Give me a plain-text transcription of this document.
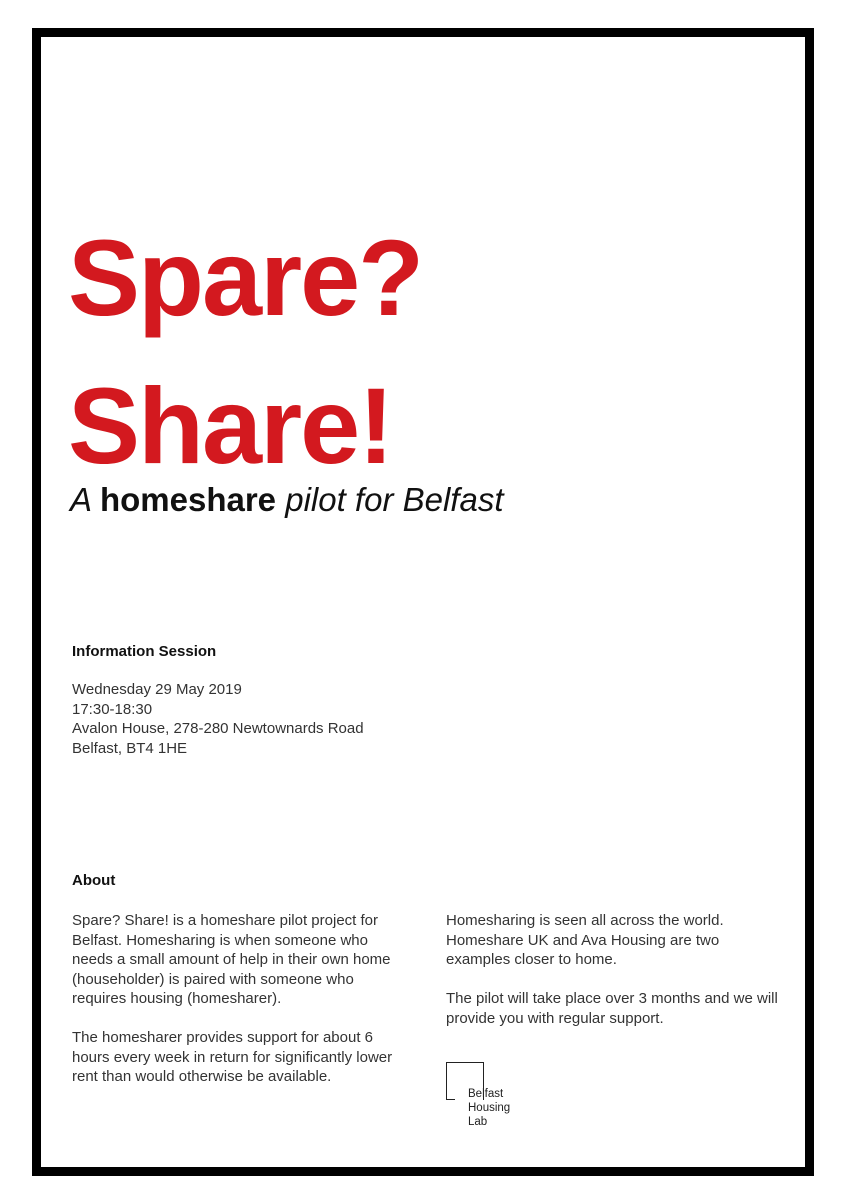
Spare?
Share!

A homeshare pilot for Belfast

Information Session
Wednesday 29 May 2019
17:30-18:30
Avalon House, 278-280 Newtownards Road
Belfast, BT4 1HE
About

Spare? Share! is a homeshare pilot project for Belfast. Homesharing is when someone who needs a small amount of help in their own home (householder) is paired with someone who requires housing (homesharer).

The homesharer provides support for about 6 hours every week in return for significantly lower rent than would otherwise be available.

Homesharing is seen all across the world. Homeshare UK and Ava Housing are two examples closer to home.

The pilot will take place over 3 months and we will provide you with regular support.

Belfast
Housing
Lab
